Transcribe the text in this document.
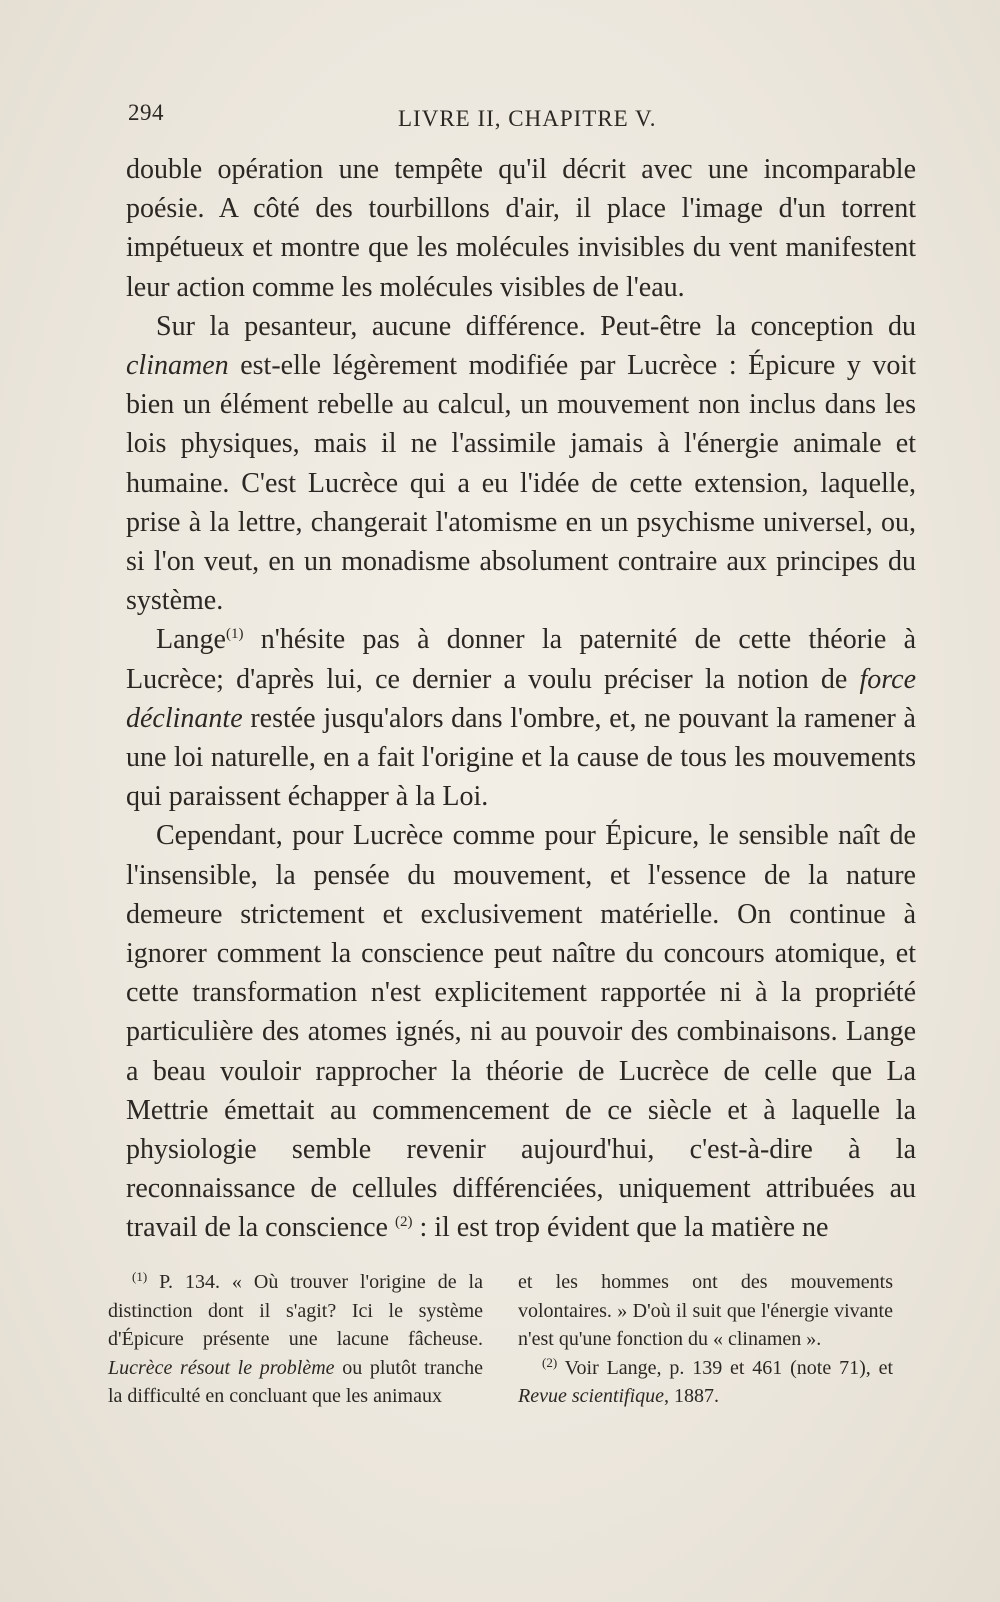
294	LIVRE II, CHAPITRE V.

double opération une tempête qu'il décrit avec une incomparable poésie. A côté des tourbillons d'air, il place l'image d'un torrent impétueux et montre que les molécules invisibles du vent manifestent leur action comme les molécules visibles de l'eau.

Sur la pesanteur, aucune différence. Peut-être la conception du clinamen est-elle légèrement modifiée par Lucrèce : Épicure y voit bien un élément rebelle au calcul, un mouvement non inclus dans les lois physiques, mais il ne l'assimile jamais à l'énergie animale et humaine. C'est Lucrèce qui a eu l'idée de cette extension, laquelle, prise à la lettre, changerait l'atomisme en un psychisme universel, ou, si l'on veut, en un monadisme absolument contraire aux principes du système.

Lange$^{(1)}$ n'hésite pas à donner la paternité de cette théorie à Lucrèce; d'après lui, ce dernier a voulu préciser la notion de force déclinante restée jusqu'alors dans l'ombre, et, ne pouvant la ramener à une loi naturelle, en a fait l'origine et la cause de tous les mouvements qui paraissent échapper à la Loi.

Cependant, pour Lucrèce comme pour Épicure, le sensible naît de l'insensible, la pensée du mouvement, et l'essence de la nature demeure strictement et exclusivement matérielle. On continue à ignorer comment la conscience peut naître du concours atomique, et cette transformation n'est explicitement rapportée ni à la propriété particulière des atomes ignés, ni au pouvoir des combinaisons. Lange a beau vouloir rapprocher la théorie de Lucrèce de celle que La Mettrie émettait au commencement de ce siècle et à laquelle la physiologie semble revenir aujourd'hui, c'est-à-dire à la reconnaissance de cellules différenciées, uniquement attribuées au travail de la conscience $^{(2)}$ : il est trop évident que la matière ne

$^{(1)}$ P. 134. « Où trouver l'origine de la distinction dont il s'agit? Ici le système d'Épicure présente une lacune fâcheuse. Lucrèce résout le problème ou plutôt tranche la difficulté en concluant que les animaux

et les hommes ont des mouvements volontaires. » D'où il suit que l'énergie vivante n'est qu'une fonction du « clinamen ».

$^{(2)}$ Voir Lange, p. 139 et 461 (note 71), et Revue scientifique, 1887.
